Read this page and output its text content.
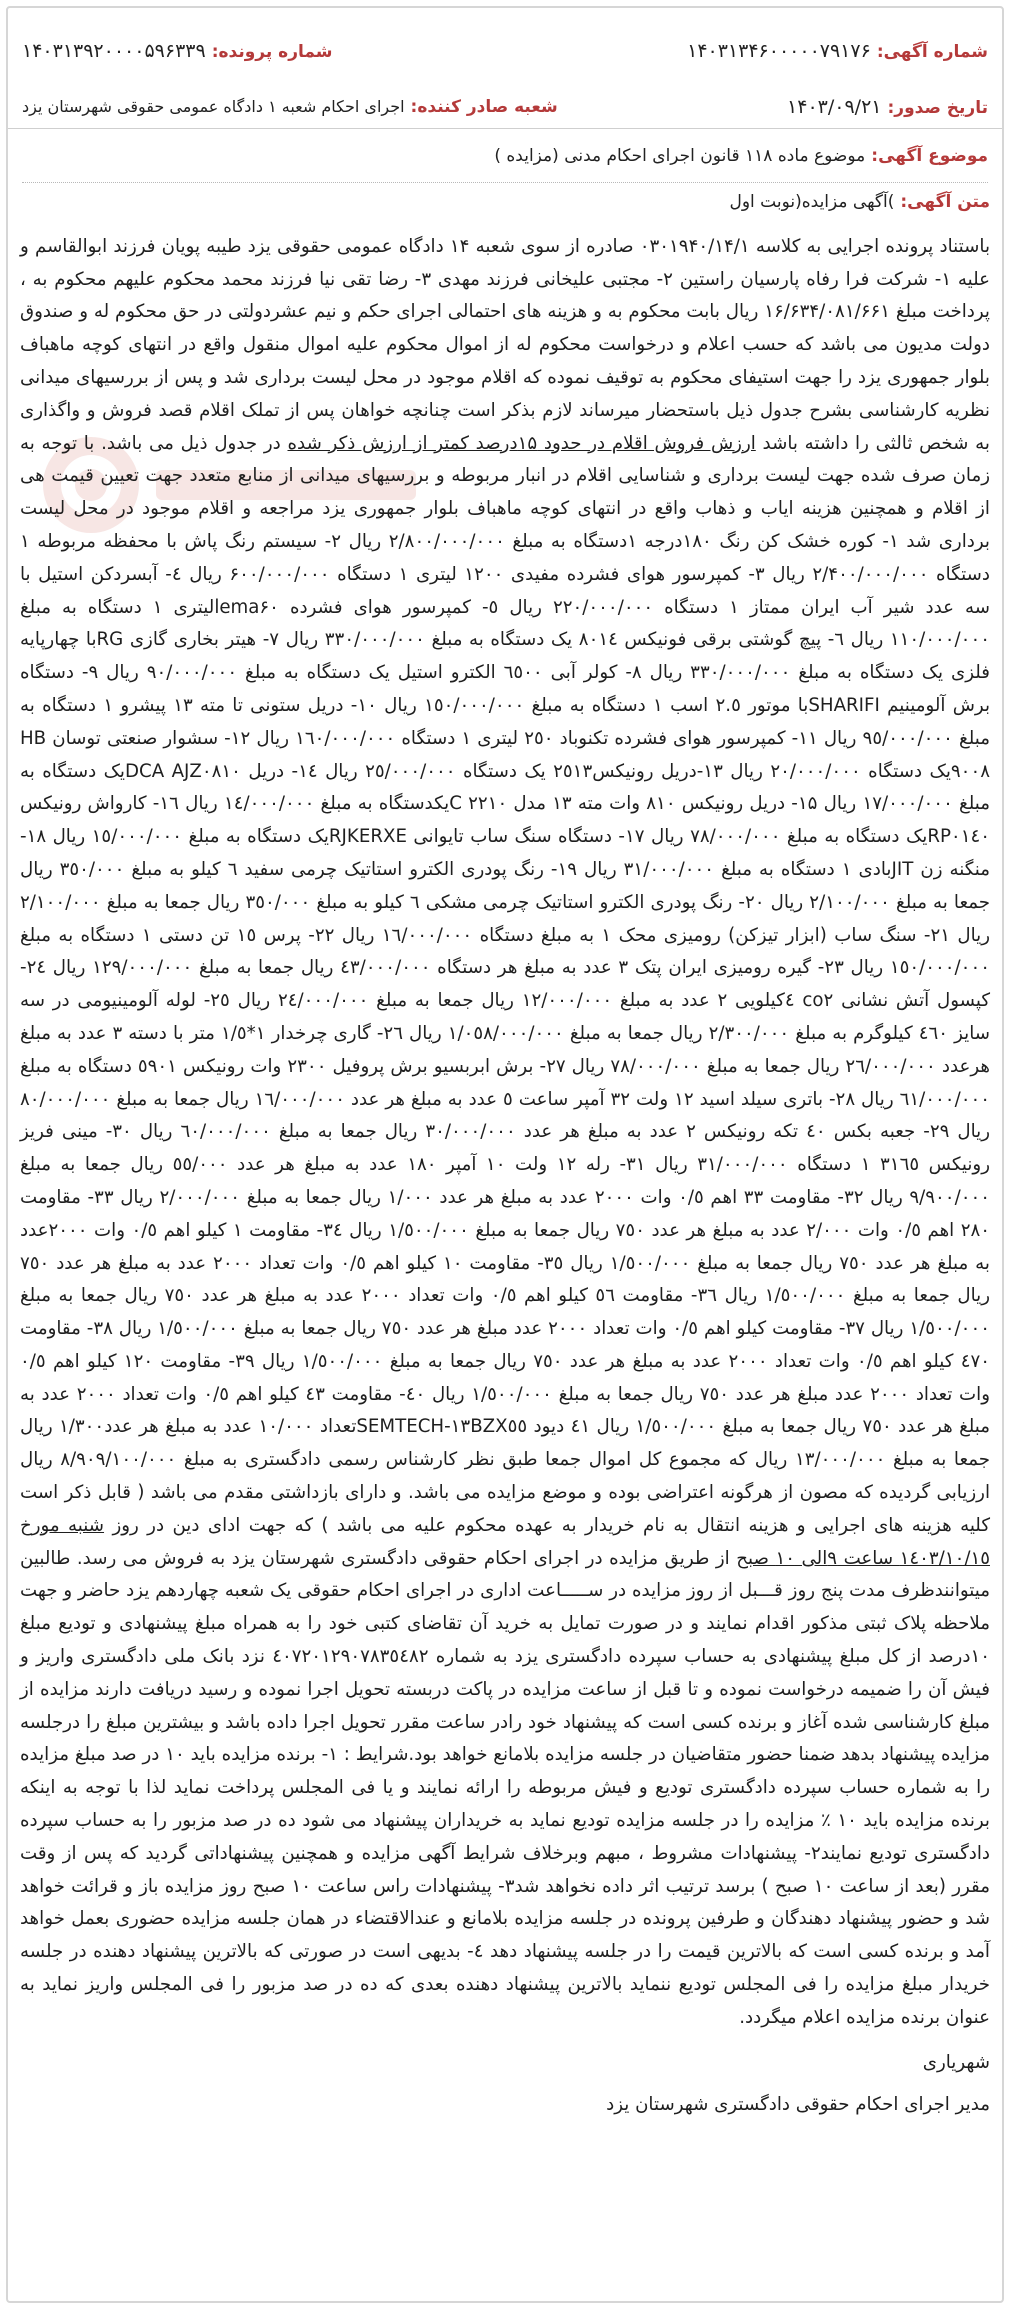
شماره آگهی:
۱۴۰۳۱۳۴۶۰۰۰۰۰۷۹۱۷۶
شماره پرونده:
۱۴۰۳۱۳۹۲۰۰۰۰۵۹۶۳۳۹
تاریخ صدور:
۱۴۰۳/۰۹/۲۱
شعبه صادر کننده:
اجرای احکام شعبه ۱ دادگاه عمومی حقوقی شهرستان یزد
موضوع آگهی:
موضوع ماده ۱۱۸ قانون اجرای احکام مدنی (مزایده )
متن آگهی:
)آگهی مزایده(نوبت اول

باستناد پرونده اجرایی به کلاسه ۰۳۰۱۹۴۰/۱۴/۱ صادره از سوی شعبه ۱۴ دادگاه عمومی حقوقی یزد طیبه پویان فرزند ابوالقاسم و علیه ۱- شرکت فرا رفاه پارسیان راستین ۲- مجتبی علیخانی فرزند مهدی ۳- رضا تقی نیا فرزند محمد محکوم علیهم محکوم به ، پرداخت مبلغ ۱۶/۶۳۴/۰۸۱/۶۶۱ ریال بابت محکوم به و هزینه های احتمالی اجرای حکم و نیم عشردولتی در حق محکوم له و صندوق دولت مدیون می باشد که حسب اعلام و درخواست محکوم له از اموال محکوم علیه اموال منقول واقع در انتهای کوچه ماهباف بلوار جمهوری یزد را جهت استیفای محکوم به توقیف نموده که اقلام موجود در محل لیست برداری شد و پس از بررسیهای میدانی نظریه کارشناسی بشرح جدول ذیل باستحضار میرساند لازم بذکر است چنانچه خواهان پس از تملک اقلام قصد فروش و واگذاری به شخص ثالثی را داشته باشد ارزش فروش اقلام در حدود ۱۵درصد کمتر از ارزش ذکر شده در جدول ذیل می باشد. با توجه به زمان صرف شده جهت لیست برداری و شناسایی اقلام در انبار مربوطه و بررسیهای میدانی از منابع متعدد جهت تعیین قیمت هی از اقلام و همچنین هزینه ایاب و ذهاب واقع در انتهای کوچه ماهباف بلوار جمهوری یزد مراجعه و اقلام موجود در محل لیست برداری شد ۱- کوره خشک کن رنگ ۱۸۰درجه ۱دستگاه به مبلغ ۲/۸۰۰/۰۰۰/۰۰۰ ریال ۲- سیستم رنگ پاش با محفظه مربوطه ۱ دستگاه ۲/۴۰۰/۰۰۰/۰۰۰ ریال ۳- کمپرسور هوای فشرده مفیدی ۱۲۰۰ لیتری ۱ دستگاه ۶۰۰/۰۰۰/۰۰۰ ریال ٤- آبسردکن استیل با سه عدد شیر آب ایران ممتاز ۱ دستگاه ۲۲۰/۰۰۰/۰۰۰ ریال ٥- کمپرسور هوای فشرده lema۶۰لیتری ۱ دستگاه به مبلغ ۱۱۰/۰۰۰/۰۰۰ ریال ٦- پیچ گوشتی برقی فونیکس ۸۰۱٤ یک دستگاه به مبلغ ۳۳۰/۰۰۰/۰۰۰ ریال ۷- هیتر بخاری گازی RGبا چهارپایه فلزی یک دستگاه به مبلغ ۳۳۰/۰۰۰/۰۰۰ ریال ۸- کولر آبی ٦٥۰۰ الکترو استیل یک دستگاه به مبلغ ۹۰/۰۰۰/۰۰۰ ریال ۹- دستگاه برش آلومینیم SHARIFIبا موتور ۲.٥ اسب ۱ دستگاه به مبلغ ۱٥۰/۰۰۰/۰۰۰ ریال ۱۰- دریل ستونی تا مته ۱۳ پیشرو ۱ دستگاه به مبلغ ۹٥/۰۰۰/۰۰۰ ریال ۱۱- کمپرسور هوای فشرده تکنوباد ۲٥۰ لیتری ۱ دستگاه ۱٦۰/۰۰۰/۰۰۰ ریال ۱۲- سشوار صنعتی توسان HB ۹۰۰۸یک دستگاه ۲۰/۰۰۰/۰۰۰ ریال ۱۳-دریل رونیکس۲٥۱۳ یک دستگاه ۲٥/۰۰۰/۰۰۰ ریال ۱٤- دریل DCA AJZ۰۸۱۰یک دستگاه به مبلغ ۱۷/۰۰۰/۰۰۰ ریال ۱۵- دریل رونیکس ۸۱۰ وات مته ۱۳ مدل ۲۲۱۰ Cیکدستگاه به مبلغ ۱٤/۰۰۰/۰۰۰ ریال ۱٦- کارواش رونیکس RP۰۱٤۰یک دستگاه به مبلغ ۷۸/۰۰۰/۰۰۰ ریال ۱۷- دستگاه سنگ ساب تایوانی RJKERXEیک دستگاه به مبلغ ۱٥/۰۰۰/۰۰۰ ریال ۱۸- منگنه زن JITبادی ۱ دستگاه به مبلغ ۳۱/۰۰۰/۰۰۰ ریال ۱۹- رنگ پودری الکترو استاتیک چرمی سفید ٦ کیلو به مبلغ ۳٥۰/۰۰۰ ریال جمعا به مبلغ ۲/۱۰۰/۰۰۰ ریال ۲۰- رنگ پودری الکترو استاتیک چرمی مشکی ٦ کیلو به مبلغ ۳٥۰/۰۰۰ ریال جمعا به مبلغ ۲/۱۰۰/۰۰۰ ریال ۲۱- سنگ ساب (ابزار تیزکن) رومیزی محک ۱ به مبلغ دستگاه ۱٦/۰۰۰/۰۰۰ ریال ۲۲- پرس ۱٥ تن دستی ۱ دستگاه به مبلغ ۱٥۰/۰۰۰/۰۰۰ ریال ۲۳- گیره رومیزی ایران پتک ۳ عدد به مبلغ هر دستگاه ٤۳/۰۰۰/۰۰۰ ریال جمعا به مبلغ ۱۲۹/۰۰۰/۰۰۰ ریال ۲٤- کپسول آتش نشانی co۲ ٤کیلویی ۲ عدد به مبلغ ۱۲/۰۰۰/۰۰۰ ریال جمعا به مبلغ ۲٤/۰۰۰/۰۰۰ ریال ۲٥- لوله آلومینیومی در سه سایز ٤٦۰ کیلوگرم به مبلغ ۲/۳۰۰/۰۰۰ ریال جمعا به مبلغ ۱/۰٥۸/۰۰۰/۰۰۰ ریال ۲٦- گاری چرخدار ۱*۱/٥ متر با دسته ۳ عدد به مبلغ هرعدد ۲٦/۰۰۰/۰۰۰ ریال جمعا به مبلغ ۷۸/۰۰۰/۰۰۰ ریال ۲۷- برش ابربسیو برش پروفیل ۲۳۰۰ وات رونیکس ٥۹۰۱ دستگاه به مبلغ ٦۱/۰۰۰/۰۰۰ ریال ۲۸- باتری سیلد اسید ۱۲ ولت ۳۲ آمپر ساعت ٥ عدد به مبلغ هر عدد ۱٦/۰۰۰/۰۰۰ ریال جمعا به مبلغ ۸۰/۰۰۰/۰۰۰ ریال ۲۹- جعبه بکس ٤۰ تکه رونیکس ۲ عدد به مبلغ هر عدد ۳۰/۰۰۰/۰۰۰ ریال جمعا به مبلغ ٦۰/۰۰۰/۰۰۰ ریال ۳۰- مینی فریز رونیکس ۳۱٦٥ ۱ دستگاه ۳۱/۰۰۰/۰۰۰ ریال ۳۱- رله ۱۲ ولت ۱۰ آمپر ۱۸۰ عدد به مبلغ هر عدد ٥٥/۰۰۰ ریال جمعا به مبلغ ۹/۹۰۰/۰۰۰ ریال ۳۲- مقاومت ۳۳ اهم ۰/٥ وات ۲۰۰۰ عدد به مبلغ هر عدد ۱/۰۰۰ ریال جمعا به مبلغ ۲/۰۰۰/۰۰۰ ریال ۳۳- مقاومت ۲۸۰ اهم ۰/٥ وات ۲/۰۰۰ عدد به مبلغ هر عدد ۷٥۰ ریال جمعا به مبلغ ۱/٥۰۰/۰۰۰ ریال ۳٤- مقاومت ۱ کیلو اهم ۰/٥ وات ۲۰۰۰عدد به مبلغ هر عدد ۷٥۰ ریال جمعا به مبلغ ۱/٥۰۰/۰۰۰ ریال ۳٥- مقاومت ۱۰ کیلو اهم ۰/٥ وات تعداد ۲۰۰۰ عدد به مبلغ هر عدد ۷٥۰ ریال جمعا به مبلغ ۱/٥۰۰/۰۰۰ ریال ۳٦- مقاومت ٥٦ کیلو اهم ۰/٥ وات تعداد ۲۰۰۰ عدد به مبلغ هر عدد ۷٥۰ ریال جمعا به مبلغ ۱/٥۰۰/۰۰۰ ریال ۳۷- مقاومت کیلو اهم ۰/٥ وات تعداد ۲۰۰۰ عدد مبلغ هر عدد ۷٥۰ ریال جمعا به مبلغ ۱/٥۰۰/۰۰۰ ریال ۳۸- مقاومت ٤۷۰ کیلو اهم ۰/٥ وات تعداد ۲۰۰۰ عدد به مبلغ هر عدد ۷٥۰ ریال جمعا به مبلغ ۱/٥۰۰/۰۰۰ ریال ۳۹- مقاومت ۱۲۰ کیلو اهم ۰/٥ وات تعداد ۲۰۰۰ عدد مبلغ هر عدد ۷٥۰ ریال جمعا به مبلغ ۱/٥۰۰/۰۰۰ ریال ٤۰- مقاومت ٤۳ کیلو اهم ۰/٥ وات تعداد ۲۰۰۰ عدد به مبلغ هر عدد ۷٥۰ ریال جمعا به مبلغ ۱/٥۰۰/۰۰۰ ریال ٤۱ دیود SEMTECH-۱۳BZX٥٥تعداد ۱۰/۰۰۰ عدد به مبلغ هر عدد۱/۳۰۰ ریال جمعا به مبلغ ۱۳/۰۰۰/۰۰۰ ریال که مجموع کل اموال جمعا طبق نظر کارشناس رسمی دادگستری به مبلغ ۸/۹۰۹/۱۰۰/۰۰۰ ریال ارزیابی گردیده که مصون از هرگونه اعتراضی بوده و موضع مزایده می باشد. و دارای بازداشتی مقدم می باشد ( قابل ذکر است کلیه هزینه های اجرایی و هزینه انتقال به نام خریدار به عهده محکوم علیه می باشد ) که جهت ادای دین در روز شنبه مورخ ۱٤۰۳/۱۰/۱٥ ساعت ۹الی ۱۰ صبح از طریق مزایده در اجرای احکام حقوقی دادگستری شهرستان یزد به فروش می رسد. طالبین میتوانندظرف مدت پنج روز قـــبل از روز مزایده در ســـــاعت اداری در اجرای احکام حقوقی یک شعبه چهاردهم یزد حاضر و جهت ملاحظه پلاک ثبتی مذکور اقدام نمایند و در صورت تمایل به خرید آن تقاضای کتبی خود را به همراه مبلغ پیشنهادی و تودیع مبلغ ۱۰درصد از کل مبلغ پیشنهادی به حساب سپرده دادگستری یزد به شماره ٤۰۷۲۰۱۲۹۰۷۸۳٥٤۸۲ نزد بانک ملی دادگستری واریز و فیش آن را ضمیمه درخواست نموده و تا قبل از ساعت مزایده در پاکت دربسته تحویل اجرا نموده و رسید دریافت دارند مزایده از مبلغ کارشناسی شده آغاز و برنده کسی است که پیشنهاد خود رادر ساعت مقرر تحویل اجرا داده باشد و بیشترین مبلغ را درجلسه مزایده پیشنهاد بدهد ضمنا حضور متقاضیان در جلسه مزایده بلامانع خواهد بود.شرایط : ۱- برنده مزایده باید ۱۰ در صد مبلغ مزایده را به شماره حساب سپرده دادگستری تودیع و فیش مربوطه را ارائه نمایند و یا فی المجلس پرداخت نماید لذا با توجه به اینکه برنده مزایده باید ۱۰ ٪ مزایده را در جلسه مزایده تودیع نماید به خریداران پیشنهاد می شود ده در صد مزبور را به حساب سپرده دادگستری تودیع نمایند۲- پیشنهادات مشروط ، مبهم وبرخلاف شرایط آگهی مزایده و همچنین پیشنهاداتی گردید که پس از وقت مقرر (بعد از ساعت ۱۰ صبح ) برسد ترتیب اثر داده نخواهد شد۳- پیشنهادات راس ساعت ۱۰ صبح روز مزایده باز و قرائت خواهد شد و حضور پیشنهاد دهندگان و طرفین پرونده در جلسه مزایده بلامانع و عندالاقتضاء در همان جلسه مزایده حضوری بعمل خواهد آمد و برنده کسی است که بالاترین قیمت را در جلسه پیشنهاد دهد ٤- بدیهی است در صورتی که بالاترین پیشنهاد دهنده در جلسه خریدار مبلغ مزایده را فی المجلس تودیع ننماید بالاترین پیشنهاد دهنده بعدی که ده در صد مزبور را فی المجلس واریز نماید به عنوان برنده مزایده اعلام میگردد.

شهریاری
مدیر اجرای احکام حقوقی دادگستری شهرستان یزد
